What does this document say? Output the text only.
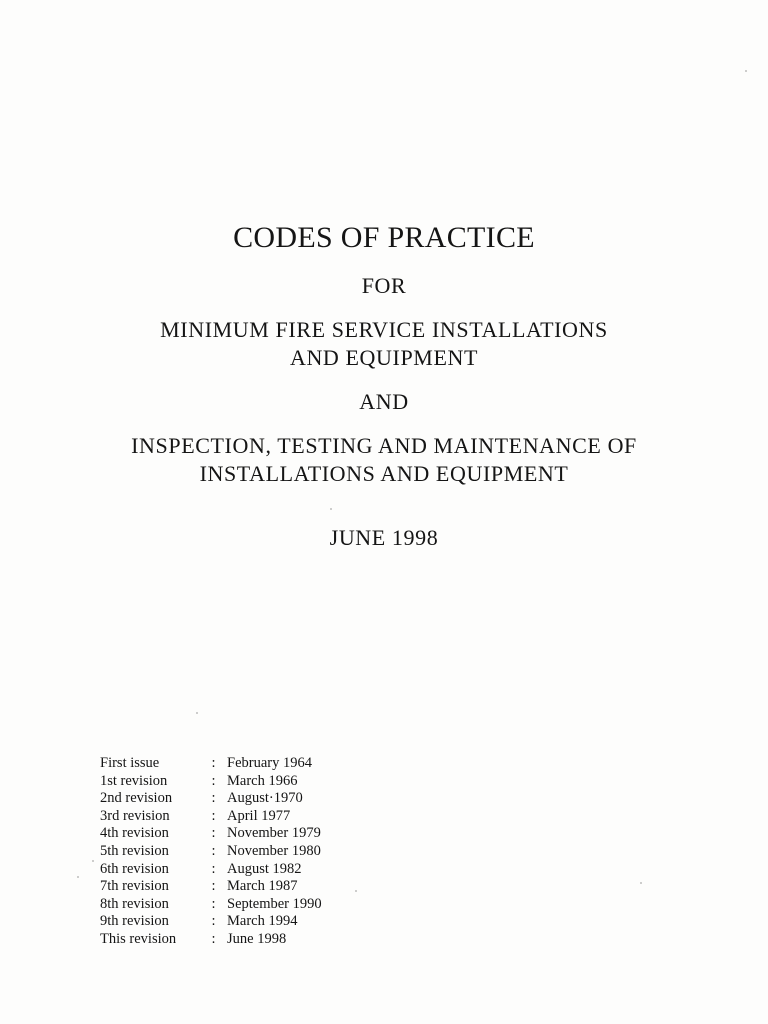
CODES OF PRACTICE
FOR
MINIMUM FIRE SERVICE INSTALLATIONS
AND EQUIPMENT
AND
INSPECTION, TESTING AND MAINTENANCE OF
INSTALLATIONS AND EQUIPMENT
JUNE 1998
First issue	: February 1964
1st revision	: March 1966
2nd revision	: August·1970
3rd revision	: April 1977
4th revision	: November 1979
5th revision	: November 1980
6th revision	: August 1982
7th revision	: March 1987
8th revision	: September 1990
9th revision	: March 1994
This revision	: June 1998
